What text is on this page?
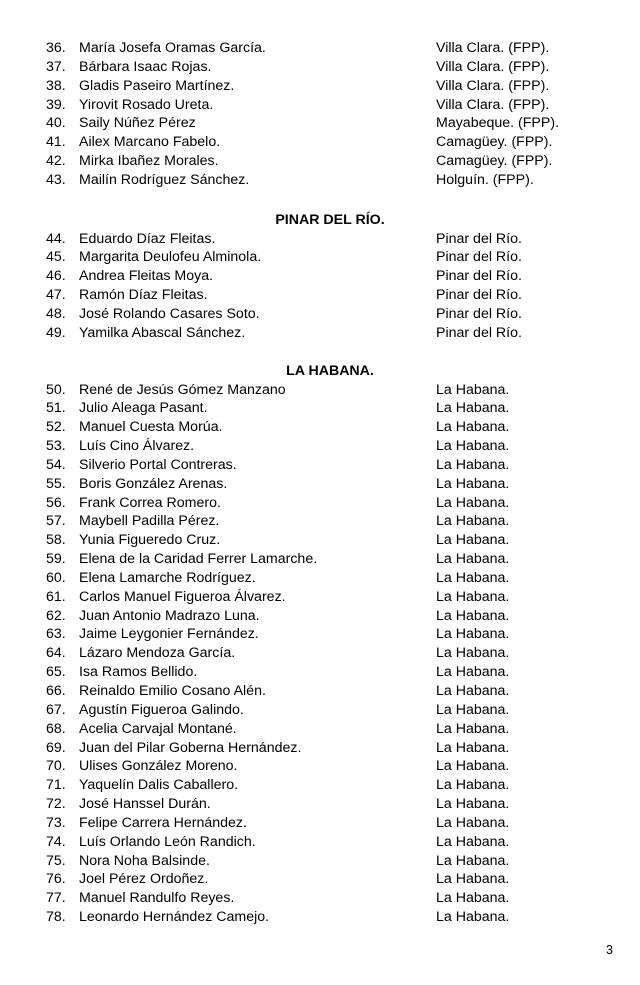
36. María Josefa Oramas García.	Villa Clara. (FPP).
37. Bárbara Isaac Rojas.	Villa Clara. (FPP).
38. Gladis Paseiro Martínez.	Villa Clara. (FPP).
39. Yirovit Rosado Ureta.	Villa Clara. (FPP).
40. Saily Núñez Pérez	Mayabeque. (FPP).
41. Ailex Marcano Fabelo.	Camagüey. (FPP).
42. Mirka Ibañez Morales.	Camagüey. (FPP).
43. Mailín Rodríguez Sánchez.	Holguín. (FPP).
PINAR DEL RÍO.
44. Eduardo Díaz Fleitas.	Pinar del Río.
45. Margarita Deulofeu Alminola.	Pinar del Río.
46. Andrea Fleitas Moya.	Pinar del Río.
47. Ramón Díaz Fleitas.	Pinar del Río.
48. José Rolando Casares Soto.	Pinar del Río.
49. Yamilka Abascal Sánchez.	Pinar del Río.
LA HABANA.
50. René de Jesús Gómez Manzano	La Habana.
51. Julio Aleaga Pasant.	La Habana.
52. Manuel Cuesta Morúa.	La Habana.
53. Luís Cino Álvarez.	La Habana.
54. Silverio Portal Contreras.	La Habana.
55. Boris González Arenas.	La Habana.
56. Frank Correa Romero.	La Habana.
57. Maybell Padilla Pérez.	La Habana.
58. Yunia Figueredo Cruz.	La Habana.
59. Elena de la Caridad Ferrer Lamarche.	La Habana.
60. Elena Lamarche Rodríguez.	La Habana.
61. Carlos Manuel Figueroa Álvarez.	La Habana.
62. Juan Antonio Madrazo Luna.	La Habana.
63. Jaime Leygonier Fernández.	La Habana.
64. Lázaro Mendoza García.	La Habana.
65. Isa Ramos Bellido.	La Habana.
66. Reinaldo Emilio Cosano Alén.	La Habana.
67. Agustín Figueroa Galindo.	La Habana.
68. Acelia Carvajal Montané.	La Habana.
69. Juan del Pilar Goberna Hernández.	La Habana.
70. Ulises González Moreno.	La Habana.
71. Yaquelín Dalis Caballero.	La Habana.
72. José Hanssel Durán.	La Habana.
73. Felipe Carrera Hernández.	La Habana.
74. Luís Orlando León Randich.	La Habana.
75. Nora Noha Balsinde.	La Habana.
76. Joel Pérez Ordoñez.	La Habana.
77. Manuel Randulfo Reyes.	La Habana.
78. Leonardo Hernández Camejo.	La Habana.
3
